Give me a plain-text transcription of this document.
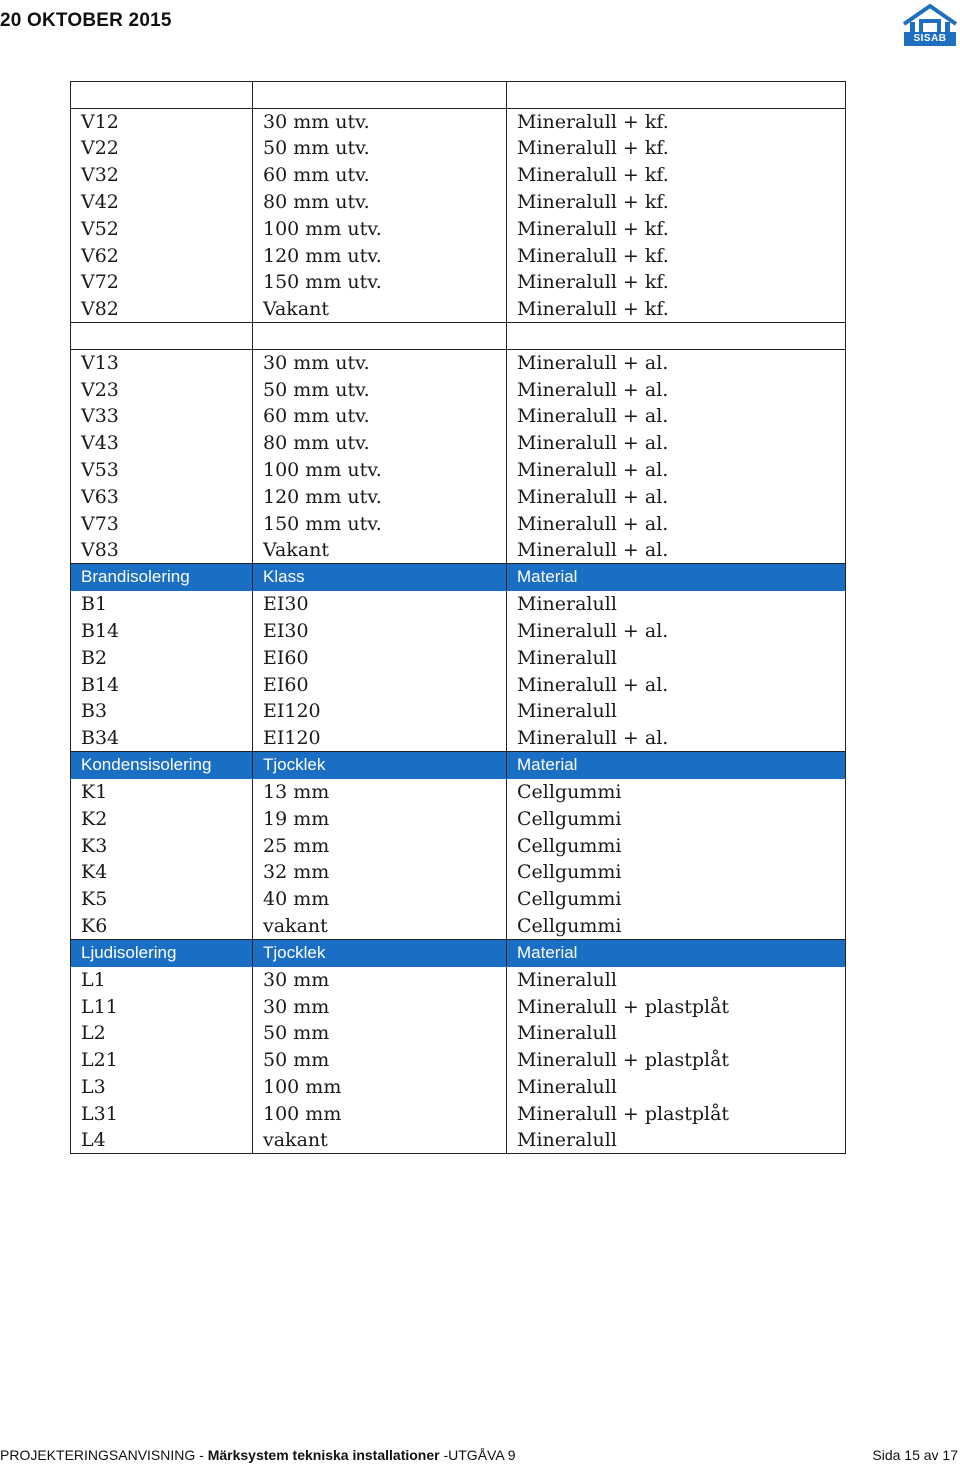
20 OKTOBER 2015
SISAB

V12	30 mm utv.	Mineralull + kf.
V22	50 mm utv.	Mineralull + kf.
V32	60 mm utv.	Mineralull + kf.
V42	80 mm utv.	Mineralull + kf.
V52	100 mm utv.	Mineralull + kf.
V62	120 mm utv.	Mineralull + kf.
V72	150 mm utv.	Mineralull + kf.
V82	Vakant	Mineralull + kf.

V13	30 mm utv.	Mineralull + al.
V23	50 mm utv.	Mineralull + al.
V33	60 mm utv.	Mineralull + al.
V43	80 mm utv.	Mineralull + al.
V53	100 mm utv.	Mineralull + al.
V63	120 mm utv.	Mineralull + al.
V73	150 mm utv.	Mineralull + al.
V83	Vakant	Mineralull + al.
Brandisolering	Klass	Material
B1	EI30	Mineralull
B14	EI30	Mineralull + al.
B2	EI60	Mineralull
B14	EI60	Mineralull + al.
B3	EI120	Mineralull
B34	EI120	Mineralull + al.
Kondensisolering	Tjocklek	Material
K1	13 mm	Cellgummi
K2	19 mm	Cellgummi
K3	25 mm	Cellgummi
K4	32 mm	Cellgummi
K5	40 mm	Cellgummi
K6	vakant	Cellgummi
Ljudisolering	Tjocklek	Material
L1	30 mm	Mineralull
L11	30 mm	Mineralull + plastplåt
L2	50 mm	Mineralull
L21	50 mm	Mineralull + plastplåt
L3	100 mm	Mineralull
L31	100 mm	Mineralull + plastplåt
L4	vakant	Mineralull
PROJEKTERINGSANVISNING - Märksystem tekniska installationer -UTGÅVA 9	Sida 15 av 17
